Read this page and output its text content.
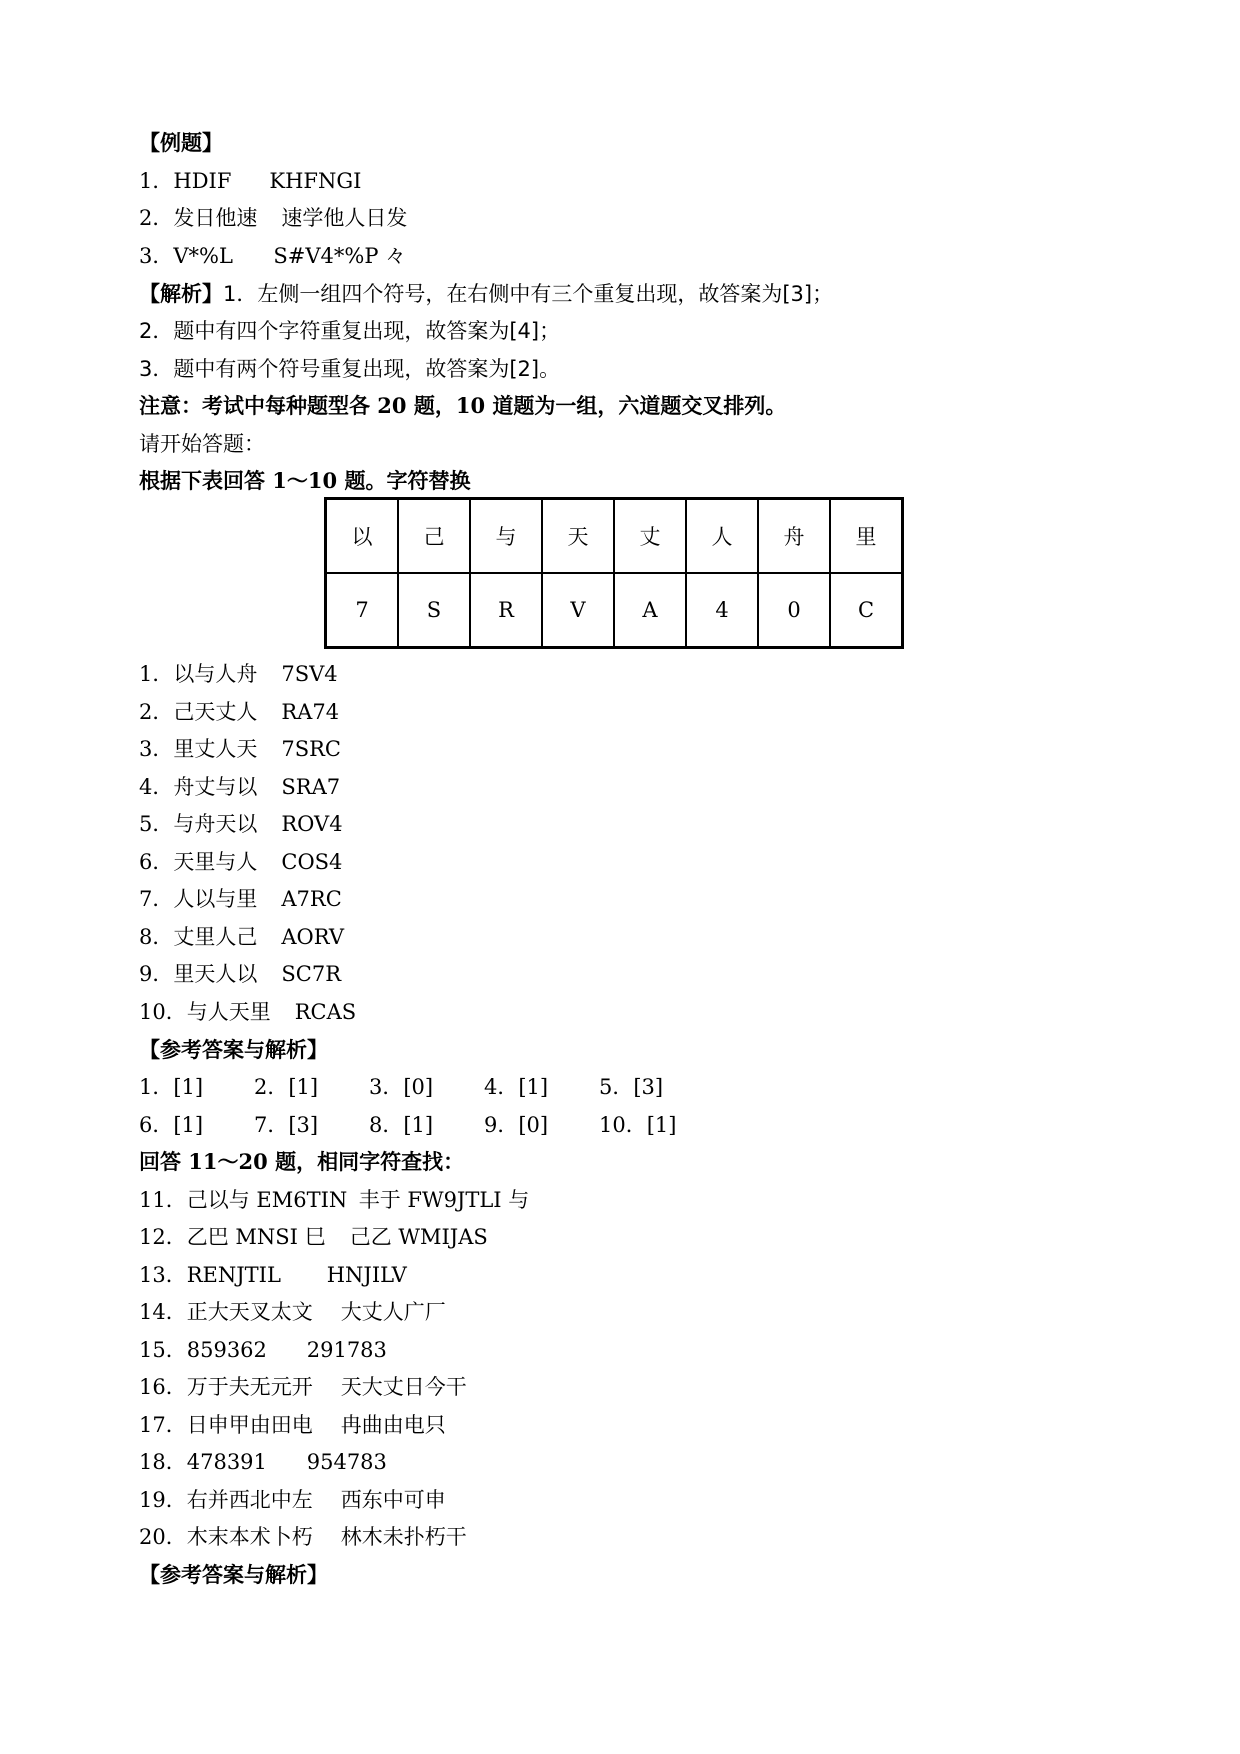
【例题】
1．HDIF KHFNGI
2．发日他速 速学他人日发
3．V*%L S#V4*%P 々
【解析】1．左侧一组四个符号，在右侧中有三个重复出现，故答案为[3]；
2．题中有四个字符重复出现，故答案为[4]；
3．题中有两个符号重复出现，故答案为[2]。
注意：考试中每种题型各 20 题，10 道题为一组，六道题交叉排列。
请开始答题：
根据下表回答 1～10 题。字符替换
以	己	与	天	丈	人	舟	里
7	S	R	V	A	4	0	C
1．以与人舟 7SV4
2．己天丈人 RA74
3．里丈人天 7SRC
4．舟丈与以 SRA7
5．与舟天以 ROV4
6．天里与人 COS4
7．人以与里 A7RC
8．丈里人己 AORV
9．里天人以 SC7R
10．与人天里 RCAS
【参考答案与解析】
1．[1] 2．[1] 3．[0] 4．[1] 5．[3]
6．[1] 7．[3] 8．[1] 9．[0] 10．[1]
回答 11～20 题，相同字符查找：
11．己以与 EM6TIN 丰于 FW9JTLI 与
12．乙巴 MNSI 巳 己乙 WMIJAS
13．RENJTIL HNJILV
14．正大天叉太文 大丈人广厂
15．859362 291783
16．万于夫无元开 天大丈日今干
17．日申甲由田电 冉曲由电只
18．478391 954783
19．右并西北中左 西东中可申
20．木末本术卜朽 林木未扑朽干
【参考答案与解析】
